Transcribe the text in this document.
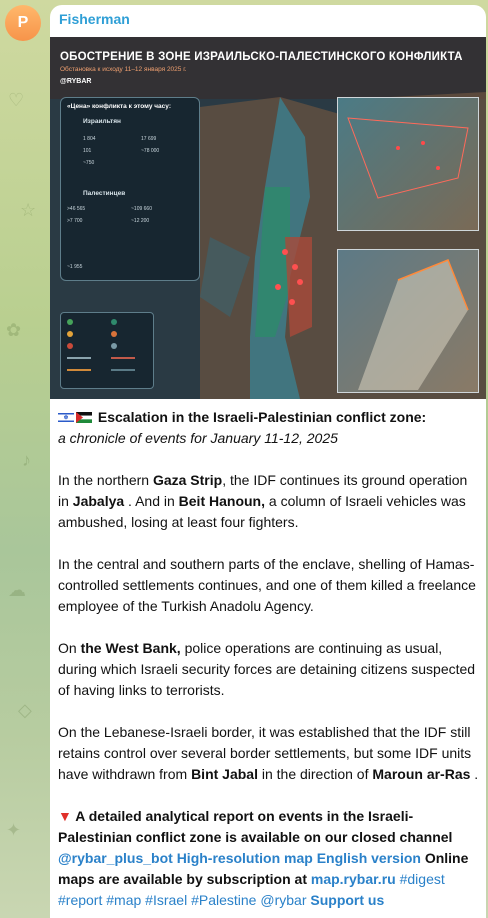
♡
☆
✿
♪
☁
◇
✦
P Fisherman
ОБОСТРЕНИЕ В ЗОНЕ ИЗРАИЛЬСКО-ПАЛЕСТИНСКОГО КОНФЛИКТА
Обстановка к исходу 11–12 января 2025 г.
@RYBAR
«Цена» конфликта к этому часу:
Израильтян
1 804	17 699
101	~78 000
~750
Палестинцев
>46 565	~109 660
>7 700	~12 200
~1 955

Escalation in the Israeli-Palestinian conflict zone:

a chronicle of events for January 11-12, 2025

In the northern Gaza Strip, the IDF continues its ground operation in Jabalya . And in Beit Hanoun, a column of Israeli vehicles was ambushed, losing at least four fighters.

In the central and southern parts of the enclave, shelling of Hamas-controlled settlements continues, and one of them killed a freelance employee of the Turkish Anadolu Agency.

On the West Bank, police operations are continuing as usual, during which Israeli security forces are detaining citizens suspected of having links to terrorists.

On the Lebanese-Israeli border, it was established that the IDF still retains control over several border settlements, but some IDF units have withdrawn from Bint Jabal in the direction of Maroun ar-Ras .

▼ A detailed analytical report on events in the Israeli-Palestinian conflict zone is available on our closed channel @rybar_plus_bot High-resolution map English version Online maps are available by subscription at map.rybar.ru #digest #report #map #Israel #Palestine @rybar Support us
